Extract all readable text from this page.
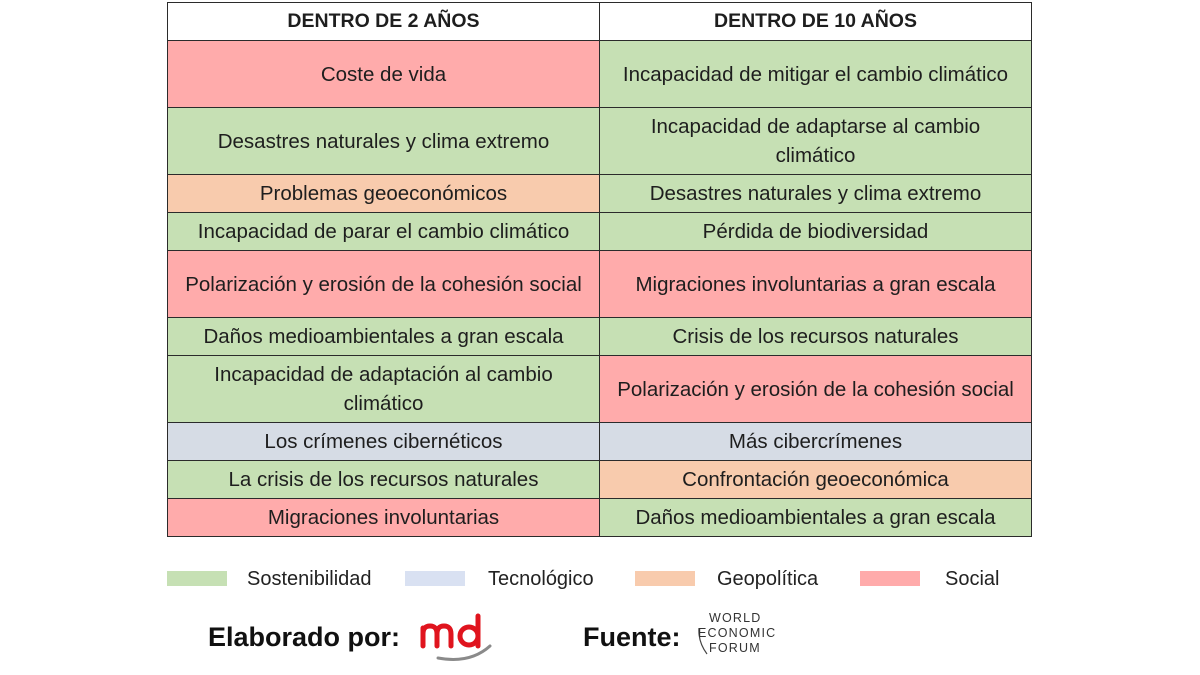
DENTRO DE 2 AÑOS	DENTRO DE 10 AÑOS
Coste de vida	Incapacidad de mitigar el cambio climático
Desastres naturales y clima extremo	Incapacidad de adaptarse al cambio climático
Problemas geoeconómicos	Desastres naturales y clima extremo
Incapacidad de parar el cambio climático	Pérdida de biodiversidad
Polarización y erosión de la cohesión social	Migraciones involuntarias a gran escala
Daños medioambientales a gran escala	Crisis de los recursos naturales
Incapacidad de adaptación al cambio climático	Polarización y erosión de la cohesión social
Los crímenes cibernéticos	Más cibercrímenes
La crisis de los recursos naturales	Confrontación geoeconómica
Migraciones involuntarias	Daños medioambientales a gran escala
Sostenibilidad	Tecnológico	Geopolítica	Social
Elaborado por:	Fuente:
WORLD
ECONOMIC
FORUM
